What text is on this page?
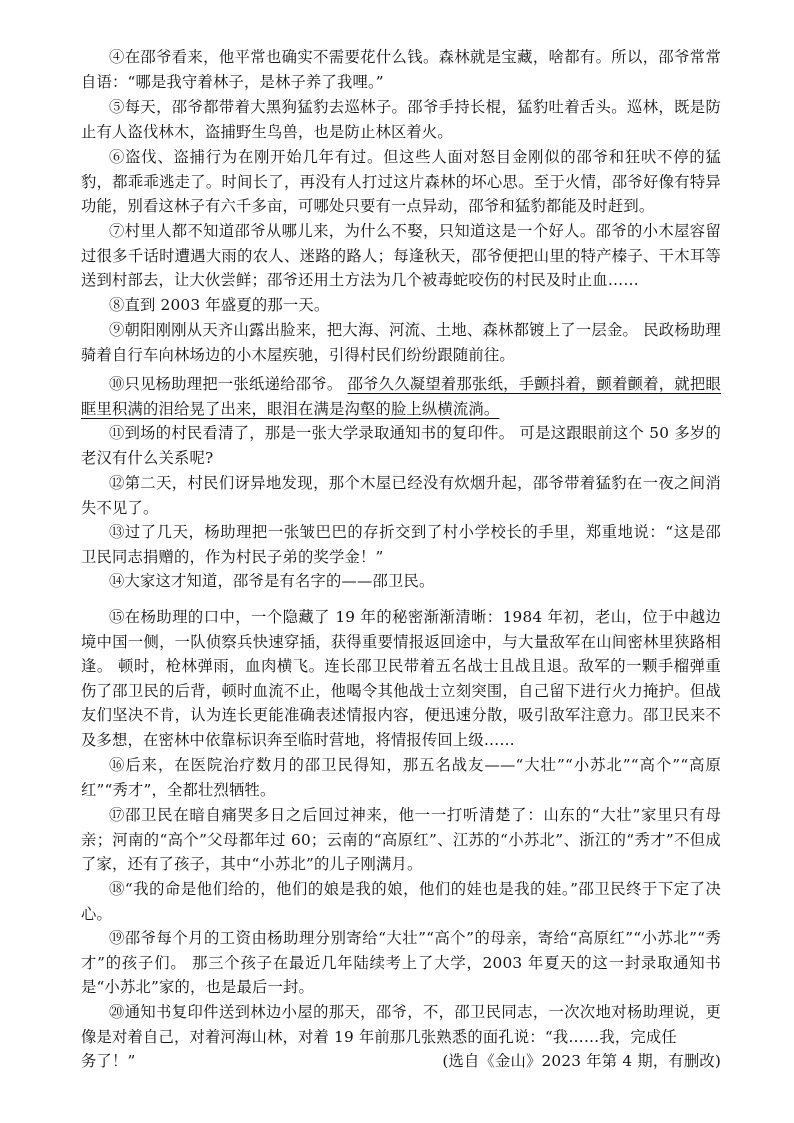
④在邵爷看来，他平常也确实不需要花什么钱。森林就是宝藏，啥都有。所以，邵爷常常自语：“哪是我守着林子，是林子养了我哩。”

⑤每天，邵爷都带着大黑狗猛豹去巡林子。邵爷手持长棍，猛豹吐着舌头。巡林，既是防止有人盗伐林木，盗捕野生鸟兽，也是防止林区着火。

⑥盗伐、盗捕行为在刚开始几年有过。但这些人面对怒目金刚似的邵爷和狂吠不停的猛豹，都乖乖逃走了。时间长了，再没有人打过这片森林的坏心思。至于火情，邵爷好像有特异功能，别看这林子有六千多亩，可哪处只要有一点异动，邵爷和猛豹都能及时赶到。

⑦村里人都不知道邵爷从哪儿来，为什么不娶，只知道这是一个好人。邵爷的小木屋容留过很多千话时遭遇大雨的农人、迷路的路人；每逢秋天，邵爷便把山里的特产榛子、干木耳等送到村部去，让大伙尝鲜；邵爷还用土方法为几个被毒蛇咬伤的村民及时止血……

⑧直到 2003 年盛夏的那一天。

⑨朝阳刚刚从天齐山露出脸来，把大海、河流、土地、森林都镀上了一层金。 民政杨助理骑着自行车向林场边的小木屋疾驰，引得村民们纷纷跟随前往。

⑩只见杨助理把一张纸递给邵爷。 邵爷久久凝望着那张纸，手颤抖着，颤着颤着，就把眼眶里积满的泪给晃了出来，眼泪在满是沟壑的脸上纵横流淌。

⑪到场的村民看清了，那是一张大学录取通知书的复印件。 可是这跟眼前这个 50 多岁的老汉有什么关系呢?

⑫第二天，村民们讶异地发现，那个木屋已经没有炊烟升起，邵爷带着猛豹在一夜之间消失不见了。

⑬过了几天，杨助理把一张皱巴巴的存折交到了村小学校长的手里，郑重地说：“这是邵卫民同志捐赠的，作为村民子弟的奖学金！”

⑭大家这才知道，邵爷是有名字的——邵卫民。

⑮在杨助理的口中，一个隐藏了 19 年的秘密渐渐清晰：1984 年初，老山，位于中越边境中国一侧，一队侦察兵快速穿插，获得重要情报返回途中，与大量敌军在山间密林里狭路相逢。 顿时，枪林弹雨，血肉横飞。连长邵卫民带着五名战士且战且退。敌军的一颗手榴弹重伤了邵卫民的后背，顿时血流不止，他喝令其他战士立刻突围，自己留下进行火力掩护。但战友们坚决不肯，认为连长更能准确表述情报内容，便迅速分散，吸引敌军注意力。邵卫民来不及多想，在密林中依靠标识奔至临时营地，将情报传回上级……

⑯后来，在医院治疗数月的邵卫民得知，那五名战友——“大壮”“小苏北”“高个”“高原红”“秀才”，全都壮烈牺牲。

⑰邵卫民在暗自痛哭多日之后回过神来，他一一打听清楚了：山东的“大壮”家里只有母亲；河南的“高个”父母都年过 60；云南的“高原红”、江苏的“小苏北”、浙江的“秀才”不但成了家，还有了孩子，其中“小苏北”的儿子刚满月。

⑱“我的命是他们给的，他们的娘是我的娘，他们的娃也是我的娃。”邵卫民终于下定了决心。

⑲邵爷每个月的工资由杨助理分别寄给“大壮”“高个”的母亲，寄给“高原红”“小苏北”“秀才”的孩子们。 那三个孩子在最近几年陆续考上了大学，2003 年夏天的这一封录取通知书是“小苏北”家的，也是最后一封。

⑳通知书复印件送到林边小屋的那天，邵爷，不，邵卫民同志，一次次地对杨助理说，更像是对着自己，对着河海山林，对着 19 年前那几张熟悉的面孔说：“我……我，完成任
(选自《金山》2023 年第 4 期，有删改)
务了！”
